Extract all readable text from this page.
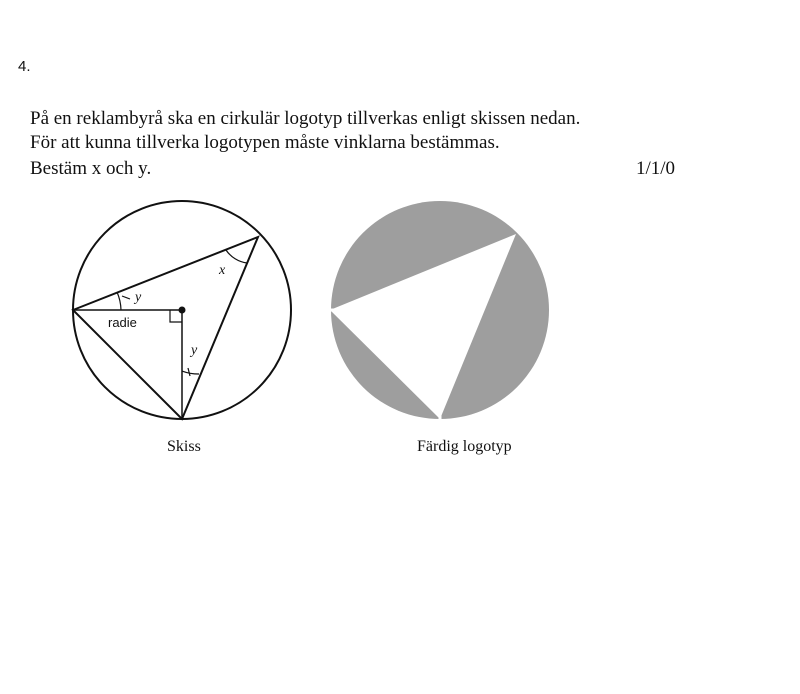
4.
På en reklambyrå ska en cirkulär logotyp tillverkas enligt skissen nedan.
För att kunna tillverka logotypen måste vinklarna bestämmas.
Bestäm x och y.	1/1/0
x
y
y
radie
Skiss	Färdig logotyp
